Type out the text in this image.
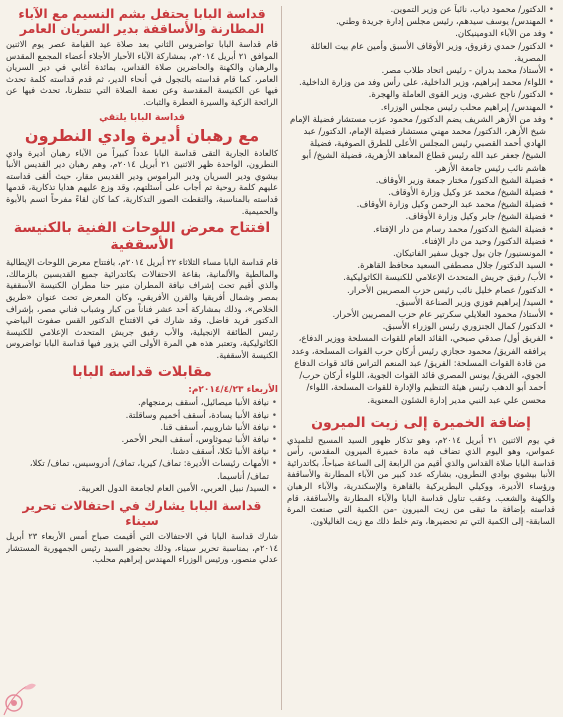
• الدكتور/ محمود دياب، نائباً عن وزير التموين.
• المهندس/ يوسف سيدهم، رئيس مجلس إدارة جريدة وطني.
• وفد من الآباء الدومينيكان.
• الدكتور/ حمدي زقزوق، وزير الأوقاف الأسبق وأمين عام بيت العائلة المصرية.
• الأستاذ/ محمد بدران - رئيس اتحاد طلاب مصر.
• اللواء/ محمد إبراهيم، وزير الداخلية، على رأس وفد من وزارة الداخلية.
• الدكتور/ ناجح عشري، وزير القوى العاملة والهجرة.
• المهندس/ إبراهيم محلب رئيس مجلس الوزراء.
• وفد من الأزهر الشريف يضم الدكتور/ محمود عزب مستشار فضيلة الإمام شيخ الأزهر، الدكتور/ محمد مهني مستشار فضيلة الإمام، الدكتور/ عبد الهادي أحمد القصبي رئيس المجلس الأعلى للطرق الصوفية، فضيلة الشيخ/ جعفر عبد الله رئيس قطاع المعاهد الأزهرية، فضيلة الشيخ/ أبو هاشم نائب رئيس جامعة الأزهر.
• فضيلة الشيخ الدكتور/ مختار جمعة وزير الأوقاف.
• فضيلة الشيخ/ محمد عز وكيل وزارة الأوقاف.
• فضيلة الشيخ/ محمد عبد الرحمن وكيل وزارة الأوقاف.
• فضيلة الشيخ/ جابر وكيل وزارة الأوقاف.
• فضيلة الشيخ الدكتور/ محمد رسام من دار الإفتاء.
• فضيلة الدكتور/ وحيد من دار الإفتاء.
• المونسنيور/ جان بول جويل سفير الفاتيكان.
• السيد الدكتور/ جلال مصطفى السعيد محافظ القاهرة.
• الأب/ رفيق جريش المتحدث الإعلامي للكنيسة الكاثوليكية.
• الدكتور/ عصام خليل نائب رئيس حزب المصريين الأحرار.
• السيد/ إبراهيم فوزي وزير الصناعة الأسبق.
• الأستاذ/ محمود العلايلي سكرتير عام حزب المصريين الأحرار.
• الدكتور/ كمال الجنزوري رئيس الوزراء الأسبق.
• الفريق أول/ صدقي صبحي، القائد العام للقوات المسلحة ووزير الدفاع، يرافقه الفريق/ محمود حجازي رئيس أركان حرب القوات المسلحة، وعدد من قادة القوات المسلحة: الفريق/ عبد المنعم التراس قائد قوات الدفاع الجوي، الفريق/ يونس المصري قائد القوات الجوية، اللواء أركان حرب/ أحمد أبو الدهب رئيس هيئة التنظيم والإدارة للقوات المسلحة، اللواء/ محسن علي عبد النبي مدير إدارة الشئون المعنوية.
إضافة الخميرة إلى زيت الميرون

في يوم الاثنين ٢١ أبريل ٢٠١٤م، وهو تذكار ظهور السيد المسيح لتلميذي عمواس، وهو اليوم الذي تضاف فيه مادة خميرة الميرون المقدس، رأس قداسة البابا صلاة القداس والذي أقيم من الرابعة إلى الساعة صباحاً، بكاتدرائية الأنبا بيشوي بوادي النطرون، بشاركه عدد كبير من الآباء المطارنة والأساقفة ورؤساء الأديرة، ووكيلي البطريركية بالقاهرة والإسكندرية، والآباء الرهبان والكهنة والشعب. وعقب تناول قداسة البابا والآباء المطارنة والأساقفة، قام قداسته بإضافة ما تبقى من زيت الميرون -من الكمية التي صنعت المرة السابقة- إلى الكمية التي تم تحضيرها، وتم خلط ذلك مع زيت الغاليلاون.

قداسة البابا يحتفل بشم النسيم مع الآباء المطارنة والأساقفة بدير السريان العامر

قام قداسة البابا تواضروس الثاني بعد صلاة عيد القيامة عصر يوم الاثنين الموافق ٢١ أبريل ٢٠١٤م، بمشاركة الآباء الأحبار الأجلاء أعضاء المجمع المقدس والرهبان والكهنة والحاضرين صلاة القداس، بمائدة أغابي في دير السريان العامر، كما قام قداسته بالتجول في أنحاء الدير، ثم قدم قداسته كلمة تحدث فيها عن الكنيسة المقدسة وعن نعمة الصلاة التي تنتظرنا، تحدث فيها عن الرائحة الزكية والسيرة العطرة والثبات.

قداسة البابا يلتقي
مع رهبان أديرة وادي النطرون

كالعادة الجارية التقى قداسة البابا عدداً كبيراً من الآباء رهبان أديرة وادي النطرون، الواحدة ظهر الاثنين ٢١ أبريل ٢٠١٤م، وهم رهبان دير القديس الأنبا بيشوي ودير السريان ودير البراموس ودير القديس مقار، حيث ألقى قداسته عليهم كلمة روحية تم أجاب على أسئلتهم، وقد وزع عليهم هدايا تذكارية، قدمها قداسته بالمناسبة، والتقطت الصور التذكارية، كما كان لقاءً مفرحاً اتسم بالأبوة والحميمية.

افتتاح معرض اللوحات الفنية بالكنيسة الأسقفية

قام قداسة البابا مساء الثلاثاء ٢٢ أبريل ٢٠١٤م، بافتتاح معرض اللوحات الإيطالية والمالطية والألمانية، بقاعة الاحتفالات بكاتدرائية جميع القديسين بالزمالك، والذي أقيم تحت إشراف نيافة المطران منير حنا مطران الكنيسة الأسقفية بمصر وشمال أفريقيا والقرن الأفريقي، وكان المعرض تحت عنوان «طريق الخلاص»، وذلك بمشاركة أحد عشر فناناً من كبار وشباب فناني مصر، بإشراف الدكتور فريد فاضل. وقد شارك في الافتتاح الدكتور القس صفوت البياضي رئيس الطائفة الإنجيلية، والأب رفيق جريش المتحدث الإعلامي للكنيسة الكاثوليكية، وتعتبر هذه هي المرة الأولى التي يزور فيها قداسة البابا تواضروس الكنيسة الأسقفية.

مقابلات قداسة البابا
الأربعاء ٢٠١٤/٤/٢٣م:
• نيافة الأنبا ميصائيل، أسقف برمنجهام.
• نيافة الأنبا يسادة، أسقف أخميم وساقلتة.
• نيافة الأنبا شاروبيم، أسقف قنا.
• نيافة الأنبا تيموثاوس، أسقف البحر الأحمر.
• نيافة الأنبا تكلا، أسقف دشنا.
• الأمهات رئيسات الأديرة: تماف/ كيريا، تماف/ أدروسيس، تماف/ تكلا، تماف/ أناسيما.
• السيد/ نبيل العربي، الأمين العام لجامعة الدول العربية.
قداسة البابا يشارك في احتفالات تحرير سيناء

شارك قداسة البابا في الاحتفالات التي أقيمت صباح أمس الأربعاء ٢٣ أبريل ٢٠١٤م، بمناسبة تحرير سيناء، وذلك بحضور السيد رئيس الجمهورية المستشار عدلي منصور، ورئيس الوزراء المهندس إبراهيم محلب.
